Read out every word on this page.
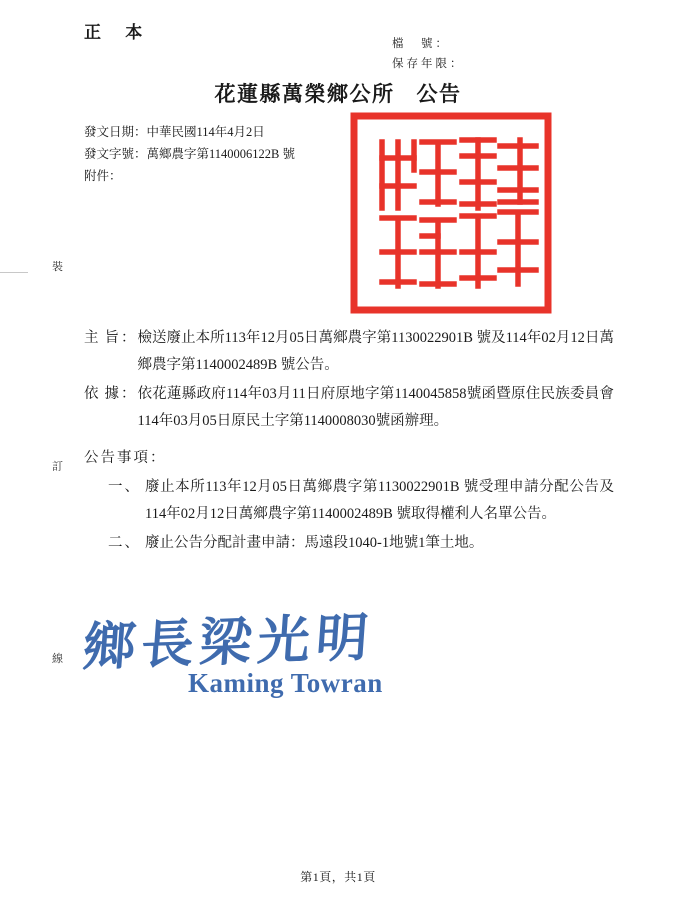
正 本
檔　號：
保存年限：
花蓮縣萬榮鄉公所 公告
發文日期：中華民國114年4月2日
發文字號：萬鄉農字第1140006122B 號
附件：
裝
訂
線
主旨： 檢送廢止本所113年12月05日萬鄉農字第1130022901B 號及114年02月12日萬鄉農字第1140002489B 號公告。
依據： 依花蓮縣政府114年03月11日府原地字第1140045858號函暨原住民族委員會114年03月05日原民土字第1140008030號函辦理。
公告事項：
一、 廢止本所113年12月05日萬鄉農字第1130022901B 號受理申請分配公告及114年02月12日萬鄉農字第1140002489B 號取得權利人名單公告。
二、 廢止公告分配計畫申請：馬遠段1040-1地號1筆土地。
鄉長梁光明
Kaming Towran
第1頁，共1頁
